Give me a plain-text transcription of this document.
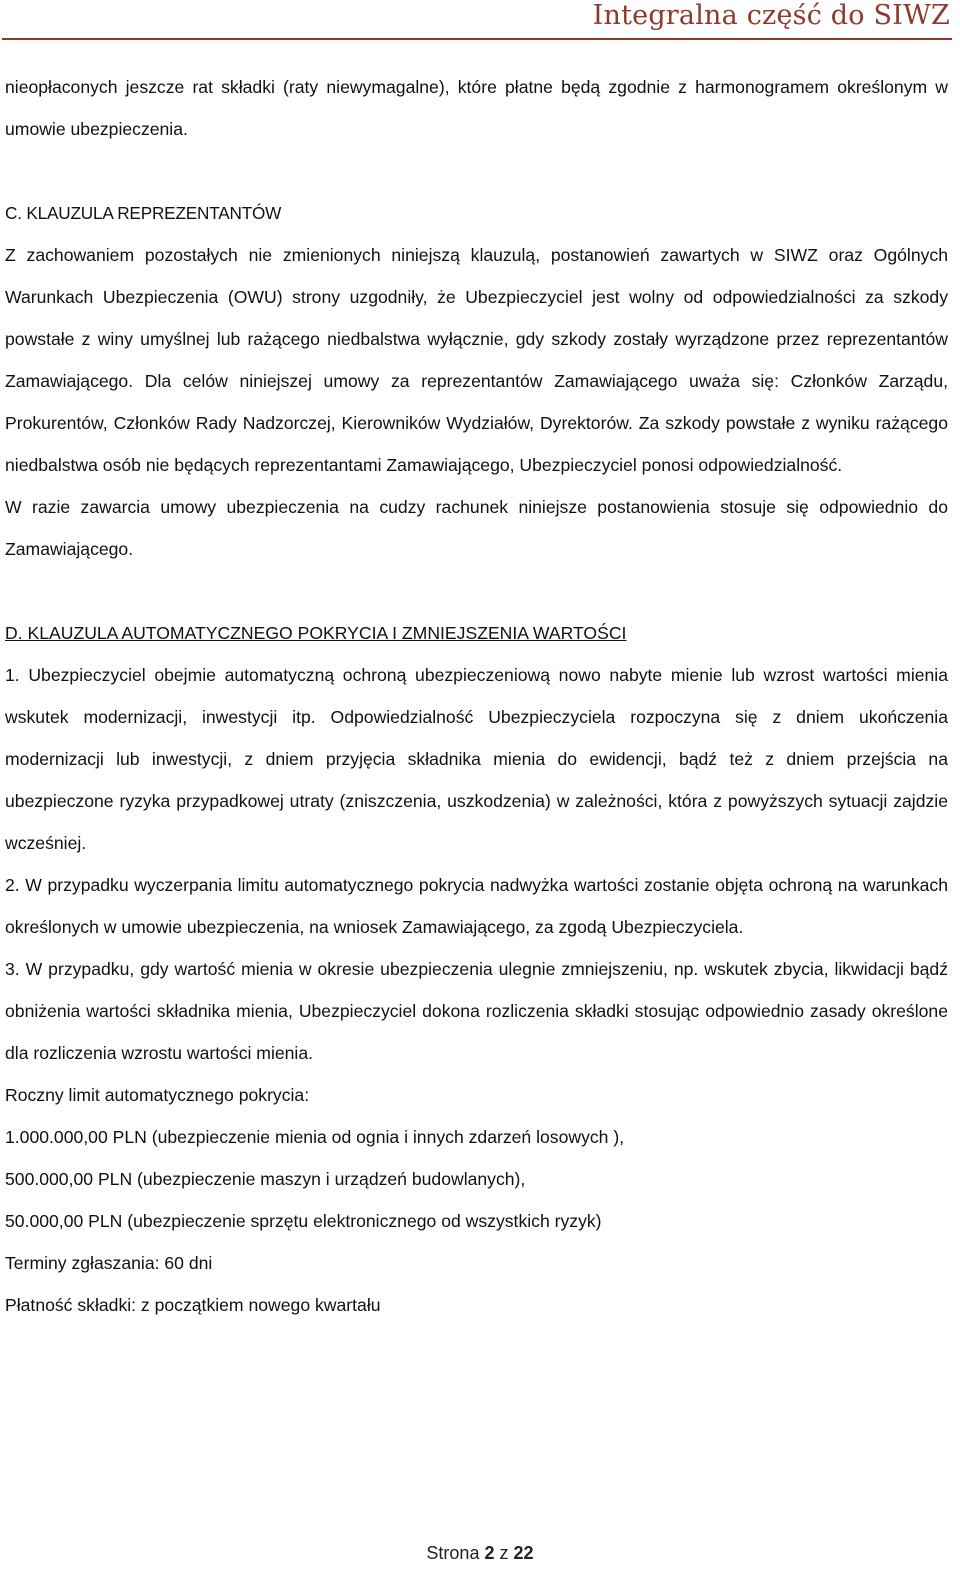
Integralna część do SIWZ

nieopłaconych jeszcze rat składki (raty niewymagalne), które płatne będą zgodnie z harmonogramem określonym w umowie ubezpieczenia.

C. KLAUZULA REPREZENTANTÓW

Z zachowaniem pozostałych nie zmienionych niniejszą klauzulą, postanowień zawartych w SIWZ oraz Ogólnych Warunkach Ubezpieczenia (OWU) strony uzgodniły, że Ubezpieczyciel jest wolny od odpowiedzialności za szkody powstałe z winy umyślnej lub rażącego niedbalstwa wyłącznie, gdy szkody zostały wyrządzone przez reprezentantów Zamawiającego. Dla celów niniejszej umowy za reprezentantów Zamawiającego uważa się: Członków Zarządu, Prokurentów, Członków Rady Nadzorczej, Kierowników Wydziałów, Dyrektorów. Za szkody powstałe z wyniku rażącego niedbalstwa osób nie będących reprezentantami Zamawiającego, Ubezpieczyciel ponosi odpowiedzialność.

W razie zawarcia umowy ubezpieczenia na cudzy rachunek niniejsze postanowienia stosuje się odpowiednio do Zamawiającego.

D. KLAUZULA AUTOMATYCZNEGO POKRYCIA I ZMNIEJSZENIA WARTOŚCI

1. Ubezpieczyciel obejmie automatyczną ochroną ubezpieczeniową nowo nabyte mienie lub wzrost wartości mienia wskutek modernizacji, inwestycji itp. Odpowiedzialność Ubezpieczyciela rozpoczyna się z dniem ukończenia modernizacji lub inwestycji, z dniem przyjęcia składnika mienia do ewidencji, bądź też z dniem przejścia na ubezpieczone ryzyka przypadkowej utraty (zniszczenia, uszkodzenia) w zależności, która z powyższych sytuacji zajdzie wcześniej.

2. W przypadku wyczerpania limitu automatycznego pokrycia nadwyżka wartości zostanie objęta ochroną na warunkach określonych w umowie ubezpieczenia, na wniosek Zamawiającego, za zgodą Ubezpieczyciela.

3. W przypadku, gdy wartość mienia w okresie ubezpieczenia ulegnie zmniejszeniu, np. wskutek zbycia, likwidacji bądź obniżenia wartości składnika mienia, Ubezpieczyciel dokona rozliczenia składki stosując odpowiednio zasady określone dla rozliczenia wzrostu wartości mienia.

Roczny limit automatycznego pokrycia:

1.000.000,00 PLN (ubezpieczenie mienia od ognia i innych zdarzeń losowych ),

500.000,00 PLN (ubezpieczenie maszyn i urządzeń budowlanych),

50.000,00 PLN (ubezpieczenie sprzętu elektronicznego od wszystkich ryzyk)

Terminy zgłaszania: 60 dni

Płatność składki: z początkiem nowego kwartału

Strona 2 z 22
